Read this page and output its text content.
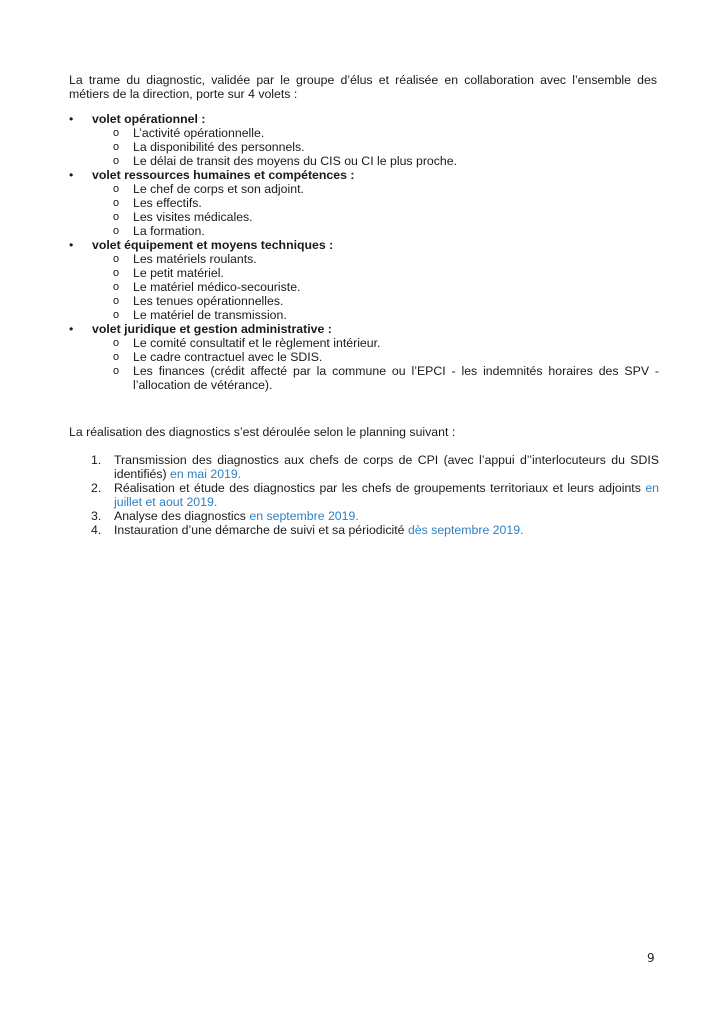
La trame du diagnostic, validée par le groupe d’élus et réalisée en collaboration avec l’ensemble des métiers de la direction, porte sur 4 volets :
• volet opérationnel :
o L’activité opérationnelle.
o La disponibilité des personnels.
o Le délai de transit des moyens du CIS ou CI le plus proche.
• volet ressources humaines et compétences :
o Le chef de corps et son adjoint.
o Les effectifs.
o Les visites médicales.
o La formation.
• volet équipement et moyens techniques :
o Les matériels roulants.
o Le petit matériel.
o Le matériel médico-secouriste.
o Les tenues opérationnelles.
o Le matériel de transmission.
• volet juridique et gestion administrative :
o Le comité consultatif et le règlement intérieur.
o Le cadre contractuel avec le SDIS.
o Les finances (crédit affecté par la commune ou l’EPCI - les indemnités horaires des SPV - l’allocation de vétérance).
La réalisation des diagnostics s’est déroulée selon le planning suivant :
1. Transmission des diagnostics aux chefs de corps de CPI (avec l’appui d’’interlocuteurs du SDIS identifiés) en mai 2019.
2. Réalisation et étude des diagnostics par les chefs de groupements territoriaux et leurs adjoints en juillet et aout 2019.
3. Analyse des diagnostics en septembre 2019.
4. Instauration d’une démarche de suivi et sa périodicité dès septembre 2019.
9
